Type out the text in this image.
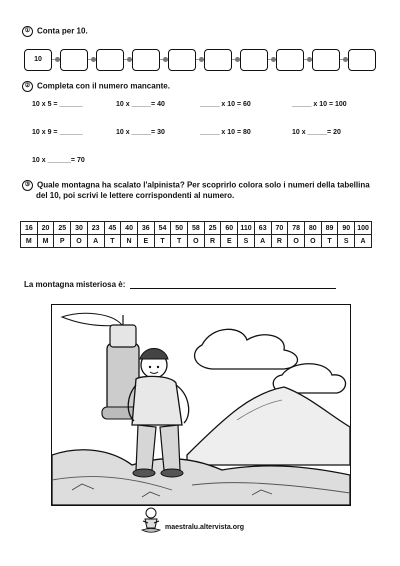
① Conta per 10.
10
② Completa con il numero mancante.
10 x 5 = ______	10 x _____= 40	_____ x 10 = 60	_____ x 10 = 100
10 x 9 = ______	10 x _____= 30	_____ x 10 = 80	10 x _____= 20
10 x ______= 70
③ Quale montagna ha scalato l'alpinista? Per scoprirlo colora solo i numeri della tabellina
del 10, poi scrivi le lettere corrispondenti al numero.
16	20	25	30	23	45	40	36	54	50	58	25	60	110	63	70	78	80	89	90	100
M	M	P	O	A	T	N	E	T	T	O	R	E	S	A	R	O	O	T	S	A
La montagna misteriosa è:
maestralu.altervista.org
